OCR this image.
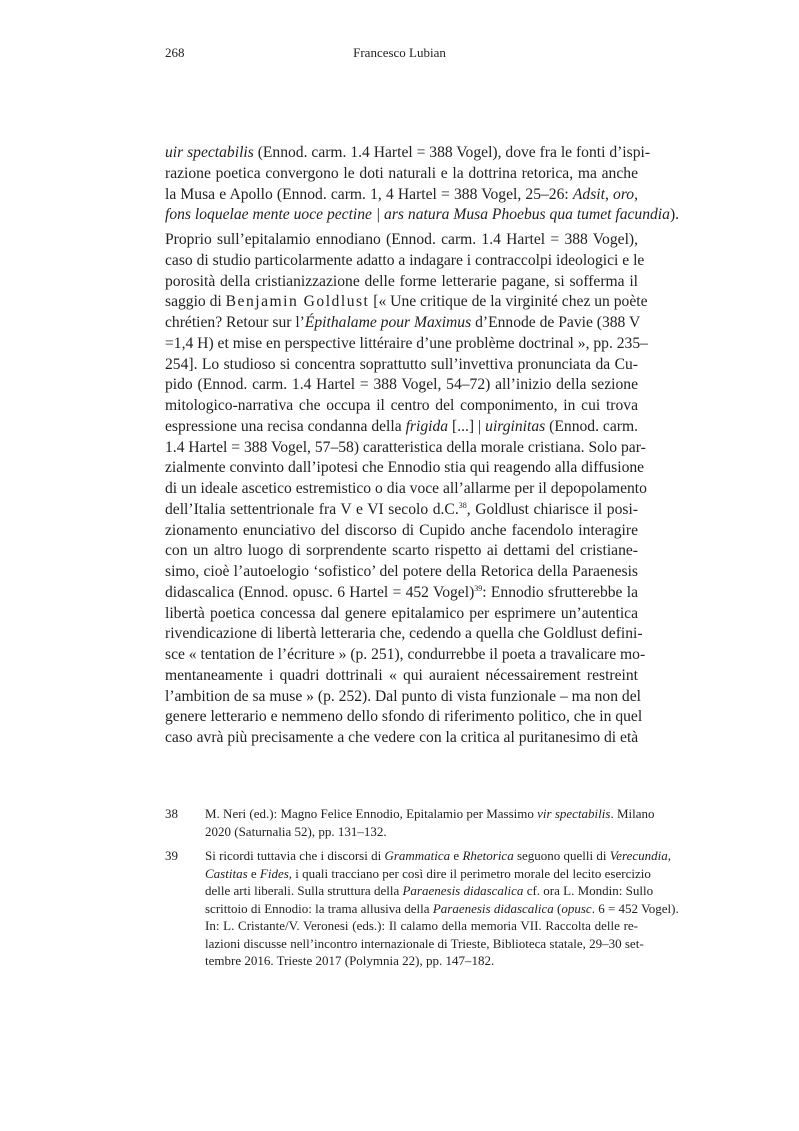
268	Francesco Lubian
uir spectabilis (Ennod. carm. 1.4 Hartel = 388 Vogel), dove fra le fonti d’ispi-
razione poetica convergono le doti naturali e la dottrina retorica, ma anche
la Musa e Apollo (Ennod. carm. 1, 4 Hartel = 388 Vogel, 25–26: Adsit, oro,
fons loquelae mente uoce pectine | ars natura Musa Phoebus qua tumet facundia).
Proprio sull’epitalamio ennodiano (Ennod. carm. 1.4 Hartel = 388 Vogel),
caso di studio particolarmente adatto a indagare i contraccolpi ideologici e le
porosità della cristianizzazione delle forme letterarie pagane, si sofferma il
saggio di Benjamin Goldlust [« Une critique de la virginité chez un poète
chrétien? Retour sur l’Épithalame pour Maximus d’Ennode de Pavie (388 V
=1,4 H) et mise en perspective littéraire d’une problème doctrinal », pp. 235–
254]. Lo studioso si concentra soprattutto sull’invettiva pronunciata da Cu-
pido (Ennod. carm. 1.4 Hartel = 388 Vogel, 54–72) all’inizio della sezione
mitologico-narrativa che occupa il centro del componimento, in cui trova
espressione una recisa condanna della frigida [...] | uirginitas (Ennod. carm.
1.4 Hartel = 388 Vogel, 57–58) caratteristica della morale cristiana. Solo par-
zialmente convinto dall’ipotesi che Ennodio stia qui reagendo alla diffusione
di un ideale ascetico estremistico o dia voce all’allarme per il depopolamento
dell’Italia settentrionale fra V e VI secolo d.C.$^{38}$, Goldlust chiarisce il posi-
zionamento enunciativo del discorso di Cupido anche facendolo interagire
con un altro luogo di sorprendente scarto rispetto ai dettami del cristiane-
simo, cioè l’autoelogio ‘sofistico’ del potere della Retorica della Paraenesis
didascalica (Ennod. opusc. 6 Hartel = 452 Vogel)$^{39}$: Ennodio sfrutterebbe la
libertà poetica concessa dal genere epitalamico per esprimere un’autentica
rivendicazione di libertà letteraria che, cedendo a quella che Goldlust defini-
sce « tentation de l’écriture » (p. 251), condurrebbe il poeta a travalicare mo-
mentaneamente i quadri dottrinali « qui auraient nécessairement restreint
l’ambition de sa muse » (p. 252). Dal punto di vista funzionale – ma non del
genere letterario e nemmeno dello sfondo di riferimento politico, che in quel
caso avrà più precisamente a che vedere con la critica al puritanesimo di età
38 M. Neri (ed.): Magno Felice Ennodio, Epitalamio per Massimo vir spectabilis. Milano
2020 (Saturnalia 52), pp. 131–132.
39 Si ricordi tuttavia che i discorsi di Grammatica e Rhetorica seguono quelli di Verecundia,
Castitas e Fides, i quali tracciano per così dire il perimetro morale del lecito esercizio
delle arti liberali. Sulla struttura della Paraenesis didascalica cf. ora L. Mondin: Sullo
scrittoio di Ennodio: la trama allusiva della Paraenesis didascalica (opusc. 6 = 452 Vogel).
In: L. Cristante/V. Veronesi (eds.): Il calamo della memoria VII. Raccolta delle re-
lazioni discusse nell’incontro internazionale di Trieste, Biblioteca statale, 29–30 set-
tembre 2016. Trieste 2017 (Polymnia 22), pp. 147–182.
